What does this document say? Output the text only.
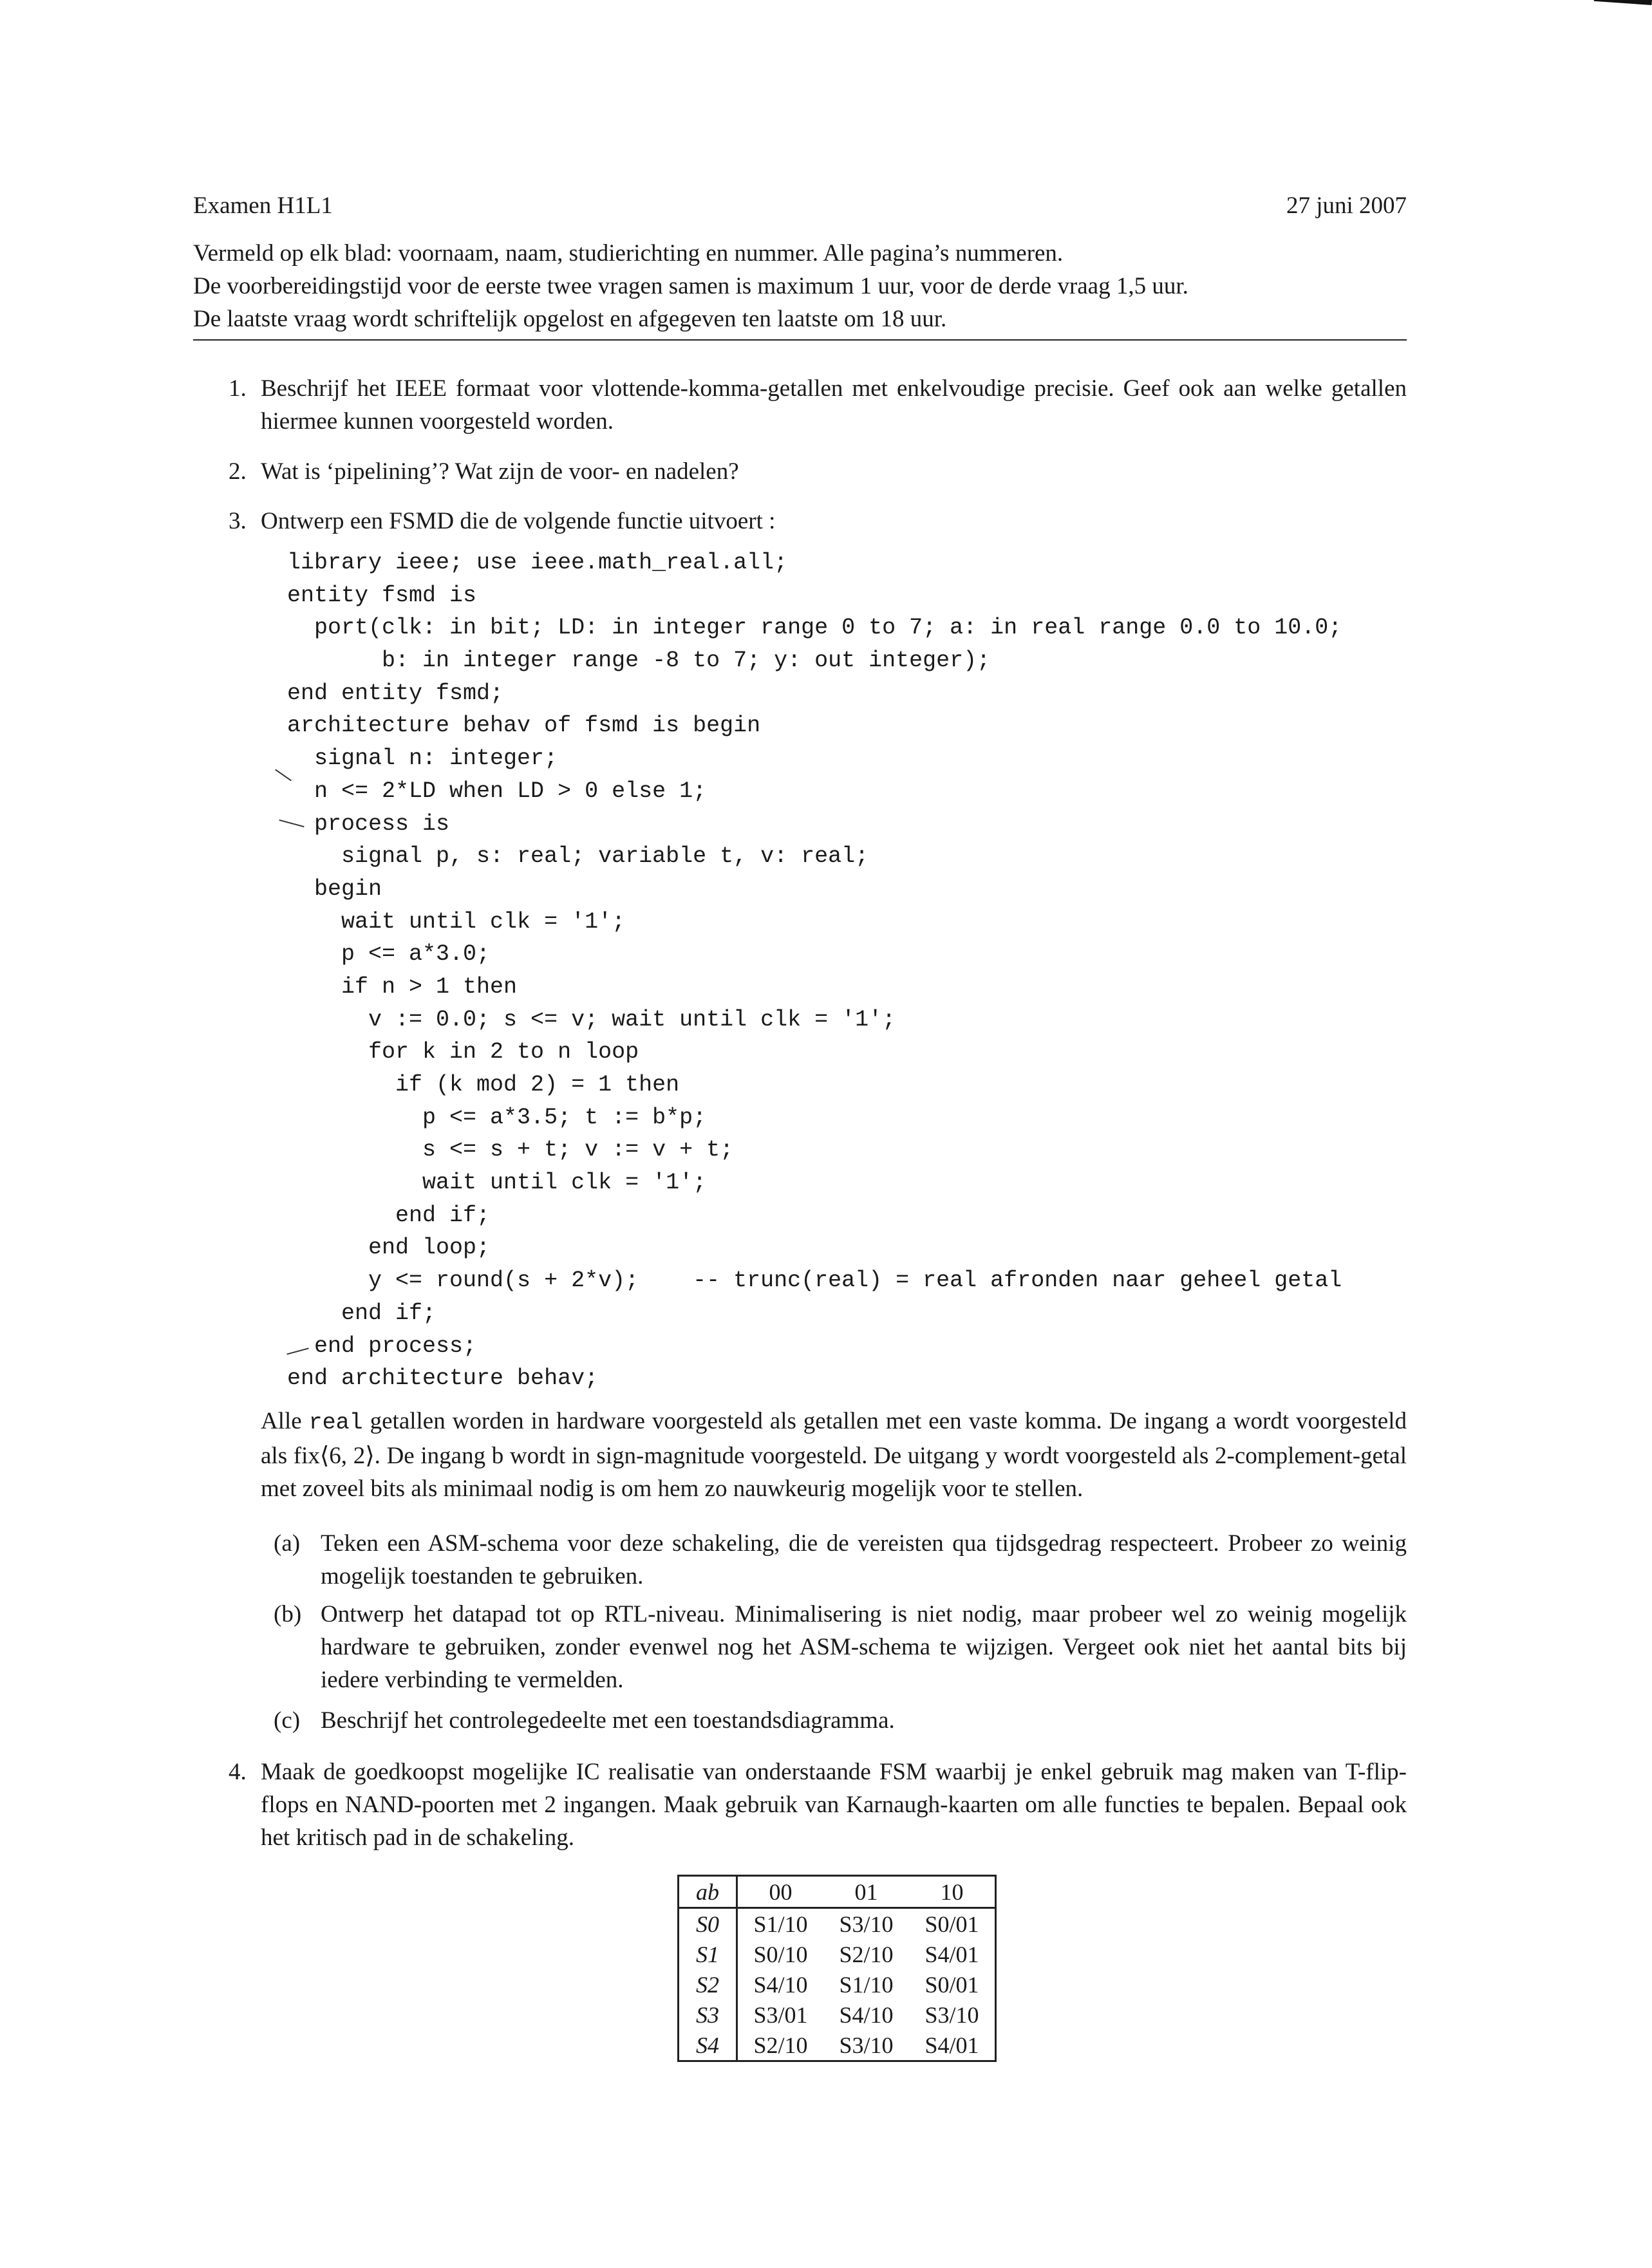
Examen H1L1	27 juni 2007
Vermeld op elk blad: voornaam, naam, studierichting en nummer. Alle pagina’s nummeren.
De voorbereidingstijd voor de eerste twee vragen samen is maximum 1 uur, voor de derde vraag 1,5 uur.
De laatste vraag wordt schriftelijk opgelost en afgegeven ten laatste om 18 uur.
1. Beschrijf het IEEE formaat voor vlottende-komma-getallen met enkelvoudige precisie. Geef ook aan welke getallen hiermee kunnen voorgesteld worden.
2. Wat is ‘pipelining’? Wat zijn de voor- en nadelen?
3. Ontwerp een FSMD die de volgende functie uitvoert :
library ieee; use ieee.math_real.all;
entity fsmd is
port(clk: in bit; LD: in integer range 0 to 7; a: in real range 0.0 to 10.0;
b: in integer range -8 to 7; y: out integer);
end entity fsmd;
architecture behav of fsmd is begin
signal n: integer;
n <= 2*LD when LD > 0 else 1;
process is
signal p, s: real; variable t, v: real;
begin
wait until clk = '1';
p <= a*3.0;
if n > 1 then
v := 0.0; s <= v; wait until clk = '1';
for k in 2 to n loop
if (k mod 2) = 1 then
p <= a*3.5; t := b*p;
s <= s + t; v := v + t;
wait until clk = '1';
end if;
end loop;
y <= round(s + 2*v);    -- trunc(real) = real afronden naar geheel getal
end if;
end process;
end architecture behav;
Alle real getallen worden in hardware voorgesteld als getallen met een vaste komma. De ingang a wordt voorgesteld als fix⟨6, 2⟩. De ingang b wordt in sign-magnitude voorgesteld. De uitgang y wordt voorgesteld als 2-complement-getal met zoveel bits als minimaal nodig is om hem zo nauwkeurig mogelijk voor te stellen.
(a) Teken een ASM-schema voor deze schakeling, die de vereisten qua tijdsgedrag respecteert. Probeer zo weinig mogelijk toestanden te gebruiken.
(b) Ontwerp het datapad tot op RTL-niveau. Minimalisering is niet nodig, maar probeer wel zo weinig mogelijk hardware te gebruiken, zonder evenwel nog het ASM-schema te wijzigen. Vergeet ook niet het aantal bits bij iedere verbinding te vermelden.
(c) Beschrijf het controlegedeelte met een toestandsdiagramma.
4. Maak de goedkoopst mogelijke IC realisatie van onderstaande FSM waarbij je enkel gebruik mag maken van T-flip-flops en NAND-poorten met 2 ingangen. Maak gebruik van Karnaugh-kaarten om alle functies te bepalen. Bepaal ook het kritisch pad in de schakeling.
ab	00	01	10
S0	S1/10	S3/10	S0/01
S1	S0/10	S2/10	S4/01
S2	S4/10	S1/10	S0/01
S3	S3/01	S4/10	S3/10
S4	S2/10	S3/10	S4/01
